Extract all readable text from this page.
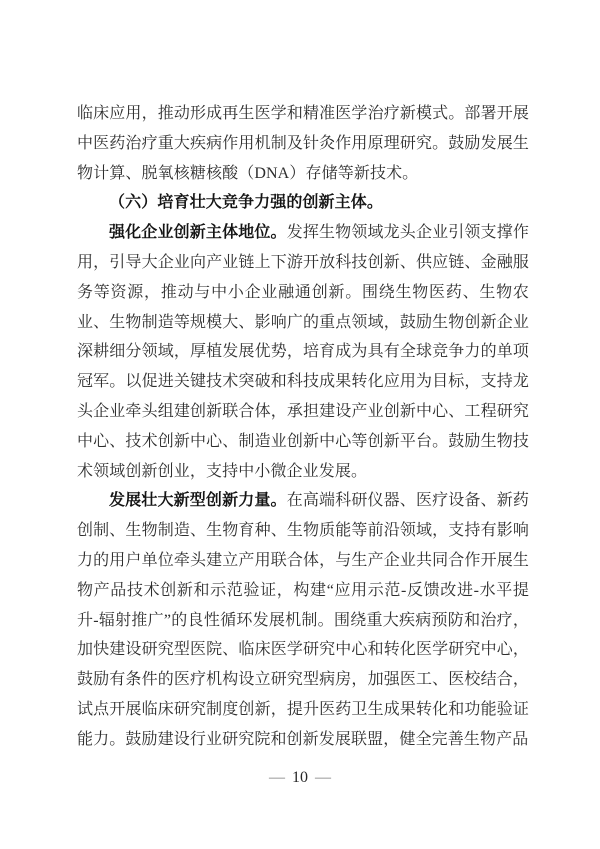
临床应用，推动形成再生医学和精准医学治疗新模式。部署开展中医药治疗重大疾病作用机制及针灸作用原理研究。鼓励发展生物计算、脱氧核糖核酸（DNA）存储等新技术。

（六）培育壮大竞争力强的创新主体。

强化企业创新主体地位。发挥生物领域龙头企业引领支撑作用，引导大企业向产业链上下游开放科技创新、供应链、金融服务等资源，推动与中小企业融通创新。围绕生物医药、生物农业、生物制造等规模大、影响广的重点领域，鼓励生物创新企业深耕细分领域，厚植发展优势，培育成为具有全球竞争力的单项冠军。以促进关键技术突破和科技成果转化应用为目标，支持龙头企业牵头组建创新联合体，承担建设产业创新中心、工程研究中心、技术创新中心、制造业创新中心等创新平台。鼓励生物技术领域创新创业，支持中小微企业发展。

发展壮大新型创新力量。在高端科研仪器、医疗设备、新药创制、生物制造、生物育种、生物质能等前沿领域，支持有影响力的用户单位牵头建立产用联合体，与生产企业共同合作开展生物产品技术创新和示范验证，构建“应用示范-反馈改进-水平提升-辐射推广”的良性循环发展机制。围绕重大疾病预防和治疗，加快建设研究型医院、临床医学研究中心和转化医学研究中心，鼓励有条件的医疗机构设立研究型病房，加强医工、医校结合，试点开展临床研究制度创新，提升医药卫生成果转化和功能验证能力。鼓励建设行业研究院和创新发展联盟，健全完善生物产品

— 10 —
